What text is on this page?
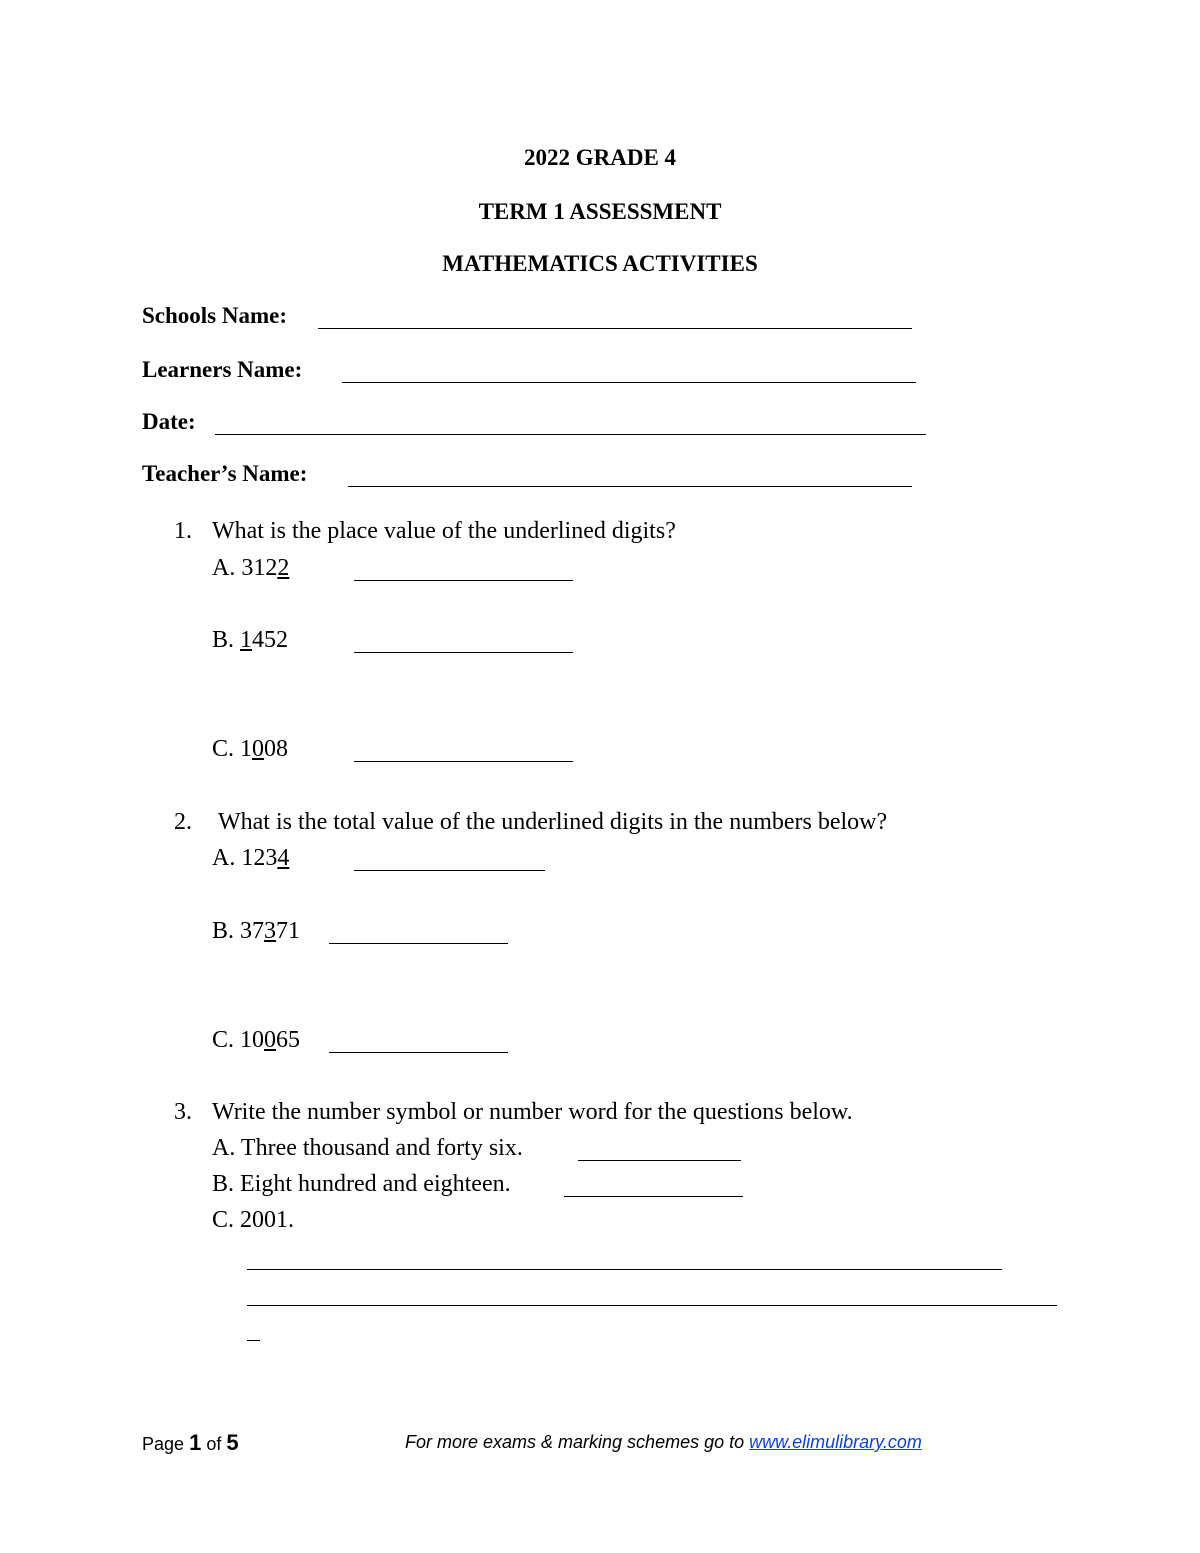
2022 GRADE 4
TERM 1 ASSESSMENT
MATHEMATICS ACTIVITIES
Schools Name:
Learners Name:
Date:
Teacher’s Name:
1. What is the place value of the underlined digits?
A. 3122
B. 1452
C. 1008
2. What is the total value of the underlined digits in the numbers below?
A. 1234
B. 37371
C. 10065
3. Write the number symbol or number word for the questions below.
A. Three thousand and forty six.
B. Eight hundred and eighteen.
C. 2001.
Page 1 of 5	For more exams & marking schemes go to www.elimulibrary.com
